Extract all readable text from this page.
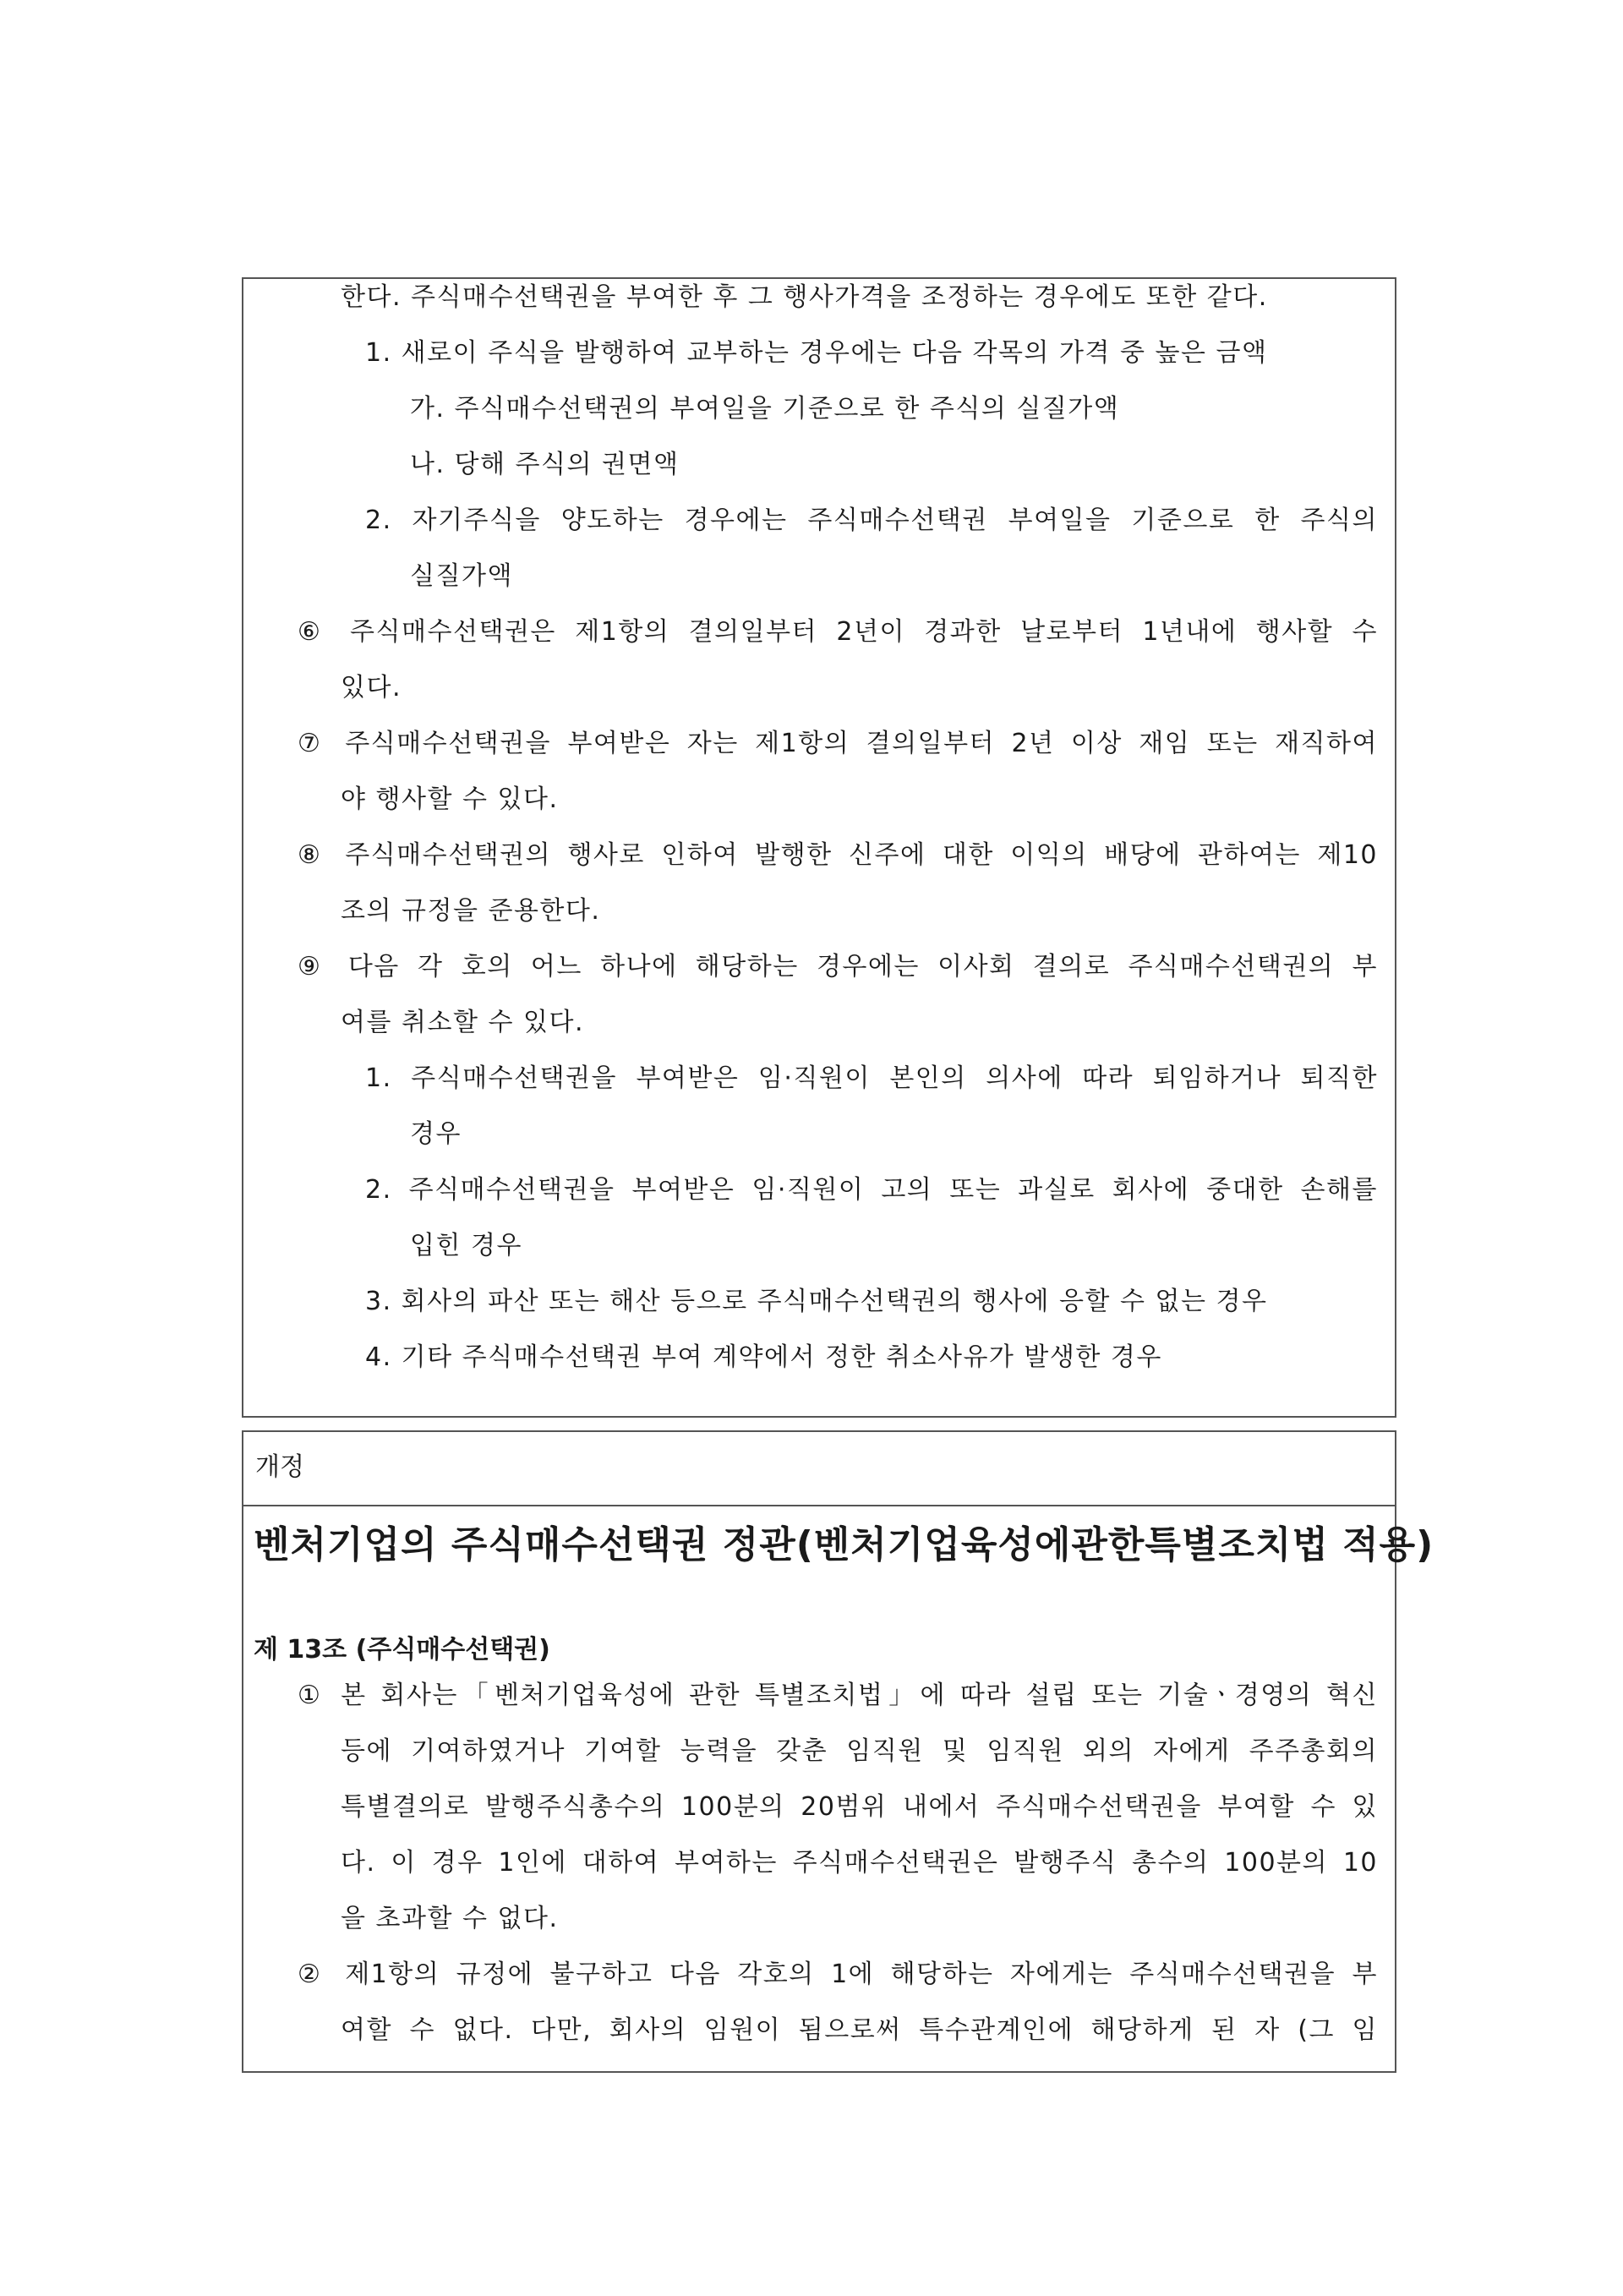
한다. 주식매수선택권을 부여한 후 그 행사가격을 조정하는 경우에도 또한 같다.
1. 새로이 주식을 발행하여 교부하는 경우에는 다음 각목의 가격 중 높은 금액
가. 주식매수선택권의 부여일을 기준으로 한 주식의 실질가액
나. 당해 주식의 권면액
2. 자기주식을 양도하는 경우에는 주식매수선택권 부여일을 기준으로 한 주식의
실질가액
⑥ 주식매수선택권은 제1항의 결의일부터 2년이 경과한 날로부터 1년내에 행사할 수
있다.
⑦ 주식매수선택권을 부여받은 자는 제1항의 결의일부터 2년 이상 재임 또는 재직하여
야 행사할 수 있다.
⑧ 주식매수선택권의 행사로 인하여 발행한 신주에 대한 이익의 배당에 관하여는 제10
조의 규정을 준용한다.
⑨ 다음 각 호의 어느 하나에 해당하는 경우에는 이사회 결의로 주식매수선택권의 부
여를 취소할 수 있다.
1. 주식매수선택권을 부여받은 임·직원이 본인의 의사에 따라 퇴임하거나 퇴직한
경우
2. 주식매수선택권을 부여받은 임·직원이 고의 또는 과실로 회사에 중대한 손해를
입힌 경우
3. 회사의 파산 또는 해산 등으로 주식매수선택권의 행사에 응할 수 없는 경우
4. 기타 주식매수선택권 부여 계약에서 정한 취소사유가 발생한 경우
개정
벤처기업의 주식매수선택권 정관(벤처기업육성에관한특별조치법 적용)
제 13조 (주식매수선택권)
① 본 회사는「벤처기업육성에 관한 특별조치법」에 따라 설립 또는 기술ㆍ경영의 혁신
등에 기여하였거나 기여할 능력을 갖춘 임직원 및 임직원 외의 자에게 주주총회의
특별결의로 발행주식총수의 100분의 20범위 내에서 주식매수선택권을 부여할 수 있
다. 이 경우 1인에 대하여 부여하는 주식매수선택권은 발행주식 총수의 100분의 10
을 초과할 수 없다.
② 제1항의 규정에 불구하고 다음 각호의 1에 해당하는 자에게는 주식매수선택권을 부
여할 수 없다. 다만, 회사의 임원이 됨으로써 특수관계인에 해당하게 된 자 (그 임
